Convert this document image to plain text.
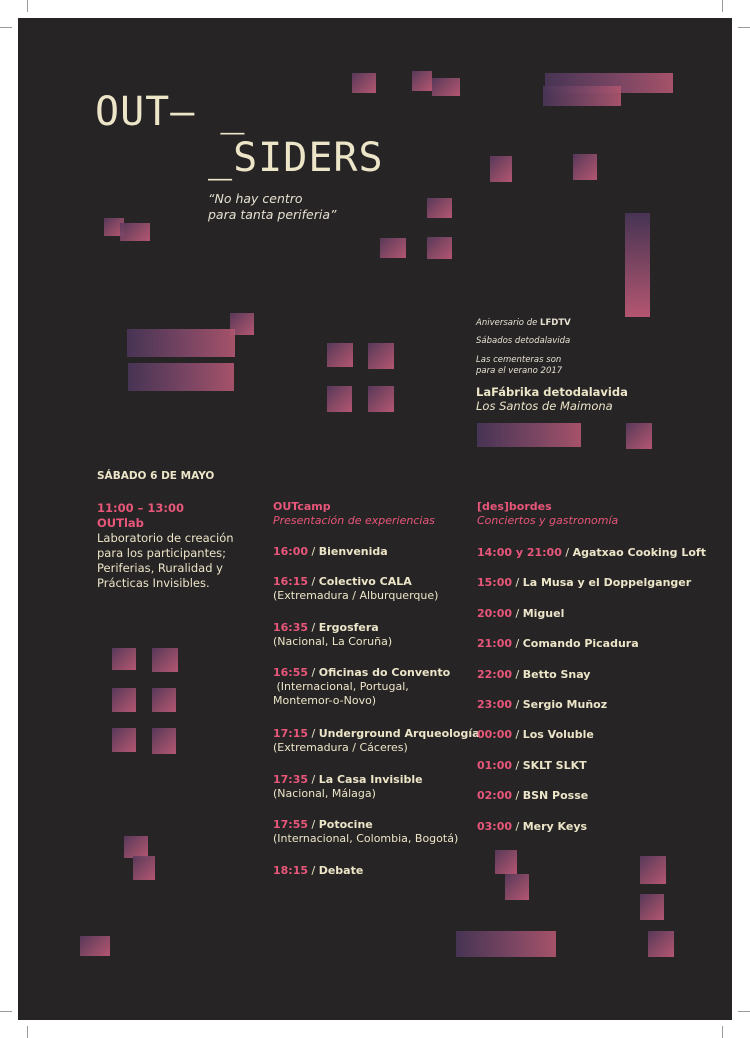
OUT– _
_SIDERS
“No hay centro
para tanta periferia”
Aniversario de LFDTV
Sábados detodalavida
Las cementeras son
para el verano 2017
LaFábrika detodalavida
Los Santos de Maimona
SÁBADO 6 DE MAYO
11:00 – 13:00
OUTlab
Laboratorio de creación
para los participantes;
Periferias, Ruralidad y
Prácticas Invisibles.
OUTcamp
Presentación de experiencias
16:00 / Bienvenida
16:15 / Colectivo CALA
(Extremadura / Alburquerque)
16:35 / Ergosfera
(Nacional, La Coruña)
16:55 / Oficinas do Convento
(Internacional, Portugal,
Montemor-o-Novo)
17:15 / Underground Arqueología
(Extremadura / Cáceres)
17:35 / La Casa Invisible
(Nacional, Málaga)
17:55 / Potocine
(Internacional, Colombia, Bogotá)
18:15 / Debate
[des]bordes
Conciertos y gastronomía
14:00 y 21:00 / Agatxao Cooking Loft
15:00 / La Musa y el Doppelganger
20:00 / Miguel
21:00 / Comando Picadura
22:00 / Betto Snay
23:00 / Sergio Muñoz
00:00 / Los Voluble
01:00 / SKLT SLKT
02:00 / BSN Posse
03:00 / Mery Keys
